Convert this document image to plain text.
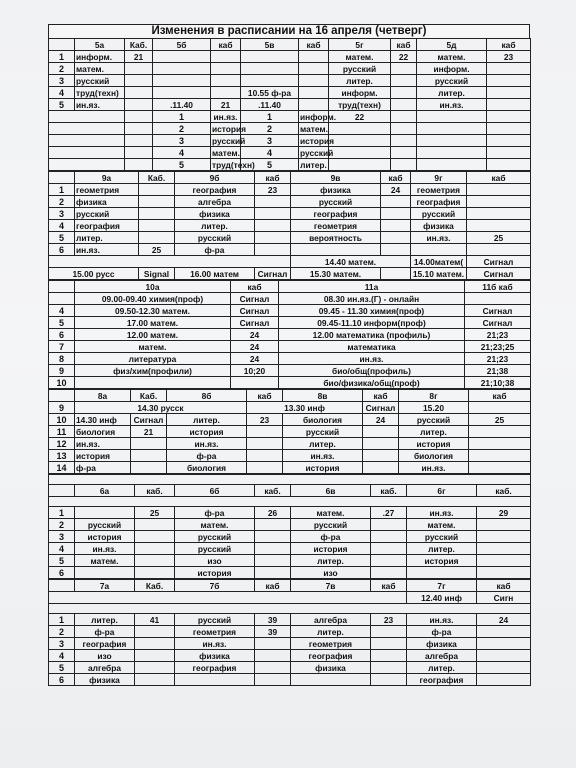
Изменения в расписании на 16 апреля (четверг)
	5а	Каб.	5б	каб	5в	каб	5г	каб	5д	каб
1	информ.	21					матем.	22	матем.	23
2	матем.						русский		информ.	
3	русский						литер.		русский	
4	труд(техн)				10.55 ф-ра		информ.		литер.	
5	ин.яз.		.11.40	21	.11.40		труд(техн)		ин.яз.	
			1	ин.яз.	1	информ.	22			
			2	история	2	матем.				
			3	русский	3	история				
			4	матем.	4	русский				
			5	труд(техн)	5	литер.				
	9а	Каб.	9б	каб	9в	каб	9г	каб
1	геометрия		география	23	физика	24	геометрия	
2	физика		алгебра		русский		география	
3	русский		физика		география		русский	
4	география		литер.		геометрия		физика	
5	литер.		русский		вероятность		ин.яз.	25
6	ин.яз.	25	ф-ра					
					14.40 матем.		14.00матем(	Сигнал
15.00 русс		Signal	16.00 матем	Сигнал	15.30 матем.		15.10 матем.	Сигнал
	10а	каб	11а	11б каб
	09.00-09.40 химия(проф)	Сигнал	08.30 ин.яз.(Г) - онлайн	
4	09.50-12.30 матем.	Сигнал	09.45 - 11.30 химия(проф)	Сигнал
5	17.00 матем.	Сигнал	09.45-11.10 информ(проф)	Сигнал
6	12.00 матем.	24	12.00 математика (профиль)	21;23
7	матем.	24	математика	21;23;25
8	литература	24	ин.яз.	21;23
9	физ/хим(профили)	10;20	био/общ(профиль)	21;38
10			био/физика/общ(проф)	21;10;38
	8а	Каб.	8б	каб	8в	каб	8г	каб
9	14.30 русск			13.30 инф		Сигнал	15.20	
10	14.30 инф	Сигнал	литер.	23	биология	24	русский	25
11	биология	21	история		русский		литер.	
12	ин.яз.		ин.яз.		литер.		история	
13	история		ф-ра		ин.яз.		биология	
14	ф-ра		биология		история		ин.яз.	

	6а	каб.	6б	каб.	6в	каб.	6г	каб.

1		25	ф-ра	26	матем.	.27	ин.яз.	29
2	русский		матем.		русский		матем.	
3	история		русский		ф-ра		русский	
4	ин.яз.		русский		история		литер.	
5	матем.		изо		литер.		история	
6			история		изо			
	7а	Каб.	7б	каб	7в	каб	7г	каб
							12.40 инф	Сигн

1	литер.	41	русский	39	алгебра	23	ин.яз.	24
2	ф-ра		геометрия	39	литер.		ф-ра	
3	география		ин.яз.		геометрия		физика	
4	изо		физика		география		алгебра	
5	алгебра		география		физика		литер.	
6	физика						география	
